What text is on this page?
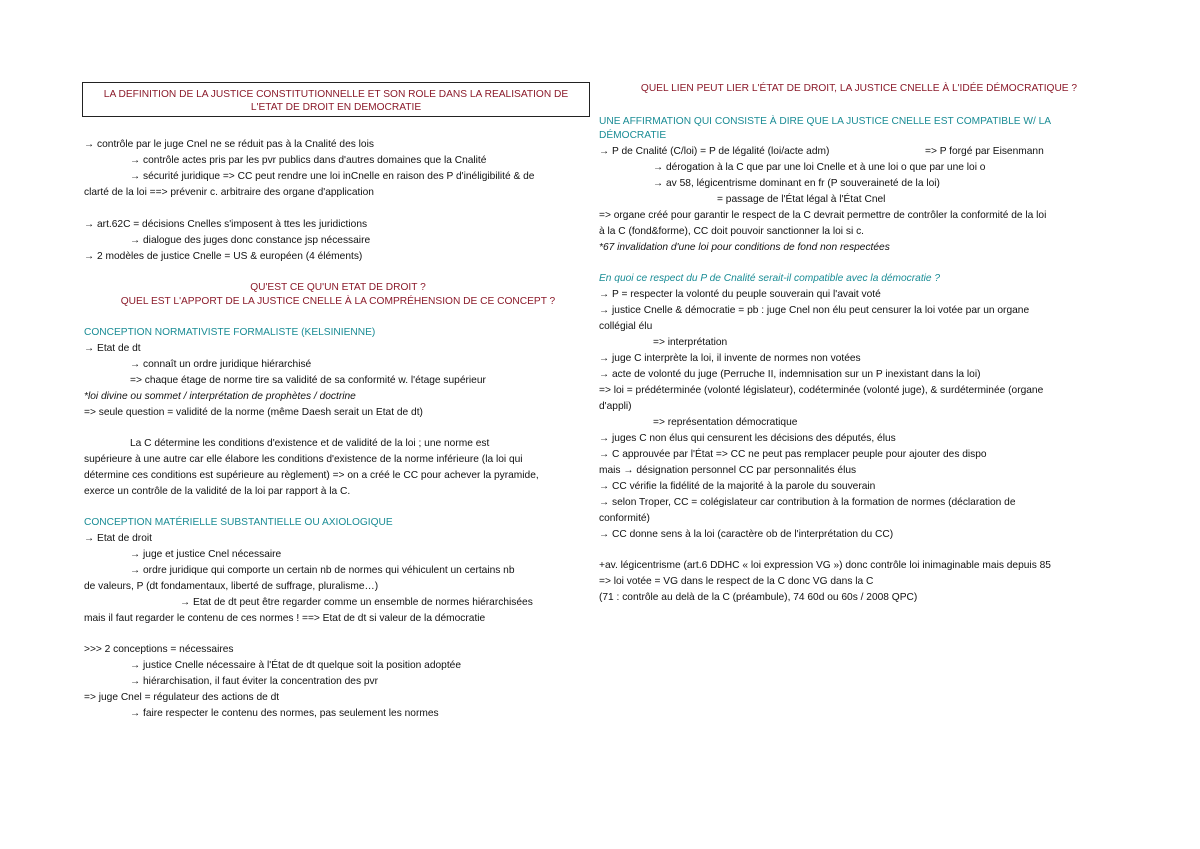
LA DEFINITION DE LA JUSTICE CONSTITUTIONNELLE ET SON ROLE DANS LA REALISATION DE
L'ETAT DE DROIT EN DEMOCRATIE
→ contrôle par le juge Cnel ne se réduit pas à la Cnalité des lois
→ contrôle actes pris par les pvr publics dans d'autres domaines que la Cnalité
→ sécurité juridique => CC peut rendre une loi inCnelle en raison des P d'inéligibilité & de
clarté de la loi ==> prévenir c. arbitraire des organe d'application
→ art.62C = décisions Cnelles s'imposent à ttes les juridictions
→ dialogue des juges donc constance jsp nécessaire
→ 2 modèles de justice Cnelle = US & européen (4 éléments)
QU'EST CE QU'UN ETAT DE DROIT ?
QUEL EST L'APPORT DE LA JUSTICE CNELLE À LA COMPRÉHENSION DE CE CONCEPT ?
CONCEPTION NORMATIVISTE FORMALISTE (KELSINIENNE)
→ Etat de dt
→ connaît un ordre juridique hiérarchisé
=> chaque étage de norme tire sa validité de sa conformité w. l'étage supérieur
*loi divine ou sommet / interprétation de prophètes / doctrine
=> seule question = validité de la norme (même Daesh serait un Etat de dt)
La C détermine les conditions d'existence et de validité de la loi ; une norme est
supérieure à une autre car elle élabore les conditions d'existence de la norme inférieure (la loi qui
détermine ces conditions est supérieure au règlement) => on a créé le CC pour achever la pyramide,
exerce un contrôle de la validité de la loi par rapport à la C.
CONCEPTION MATÉRIELLE SUBSTANTIELLE OU AXIOLOGIQUE
→ Etat de droit
→ juge et justice Cnel nécessaire
→ ordre juridique qui comporte un certain nb de normes qui véhiculent un certains nb
de valeurs, P (dt fondamentaux, liberté de suffrage, pluralisme…)
→ Etat de dt peut être regarder comme un ensemble de normes hiérarchisées
mais il faut regarder le contenu de ces normes ! ==> Etat de dt si valeur de la démocratie
>>> 2 conceptions = nécessaires
→ justice Cnelle nécessaire à l'État de dt quelque soit la position adoptée
→ hiérarchisation, il faut éviter la concentration des pvr
=> juge Cnel = régulateur des actions de dt
→ faire respecter le contenu des normes, pas seulement les normes
QUEL LIEN PEUT LIER L'ÉTAT DE DROIT, LA JUSTICE CNELLE À L'IDÉE DÉMOCRATIQUE ?
UNE AFFIRMATION QUI CONSISTE À DIRE QUE LA JUSTICE CNELLE EST COMPATIBLE W/ LA
DÉMOCRATIE
→ P de Cnalité (C/loi) = P de légalité (loi/acte adm)	=> P forgé par Eisenmann
→ dérogation à la C que par une loi Cnelle et à une loi o que par une loi o
→ av 58, légicentrisme dominant en fr (P souveraineté de la loi)
= passage de l'État légal à l'État Cnel
=> organe créé pour garantir le respect de la C devrait permettre de contrôler la conformité de la loi
à la C (fond&forme), CC doit pouvoir sanctionner la loi si c.
*67 invalidation d'une loi pour conditions de fond non respectées
En quoi ce respect du P de Cnalité serait-il compatible avec la démocratie ?
→ P = respecter la volonté du peuple souverain qui l'avait voté
→ justice Cnelle & démocratie = pb : juge Cnel non élu peut censurer la loi votée par un organe
collégial élu
=> interprétation
→ juge C interprète la loi, il invente de normes non votées
→ acte de volonté du juge (Perruche II, indemnisation sur un P inexistant dans la loi)
=> loi = prédéterminée (volonté législateur), codéterminée (volonté juge), & surdéterminée (organe
d'appli)
=> représentation démocratique
→ juges C non élus qui censurent les décisions des députés, élus
→ C approuvée par l'État => CC ne peut pas remplacer peuple pour ajouter des dispo
mais → désignation personnel CC par personnalités élus
→ CC vérifie la fidélité de la majorité à la parole du souverain
→ selon Troper, CC = colégislateur car contribution à la formation de normes (déclaration de
conformité)
→ CC donne sens à la loi (caractère ob de l'interprétation du CC)
+av. légicentrisme (art.6 DDHC « loi expression VG ») donc contrôle loi inimaginable mais depuis 85
=> loi votée = VG dans le respect de la C donc VG dans la C
(71 : contrôle au delà de la C (préambule), 74 60d ou 60s / 2008 QPC)
